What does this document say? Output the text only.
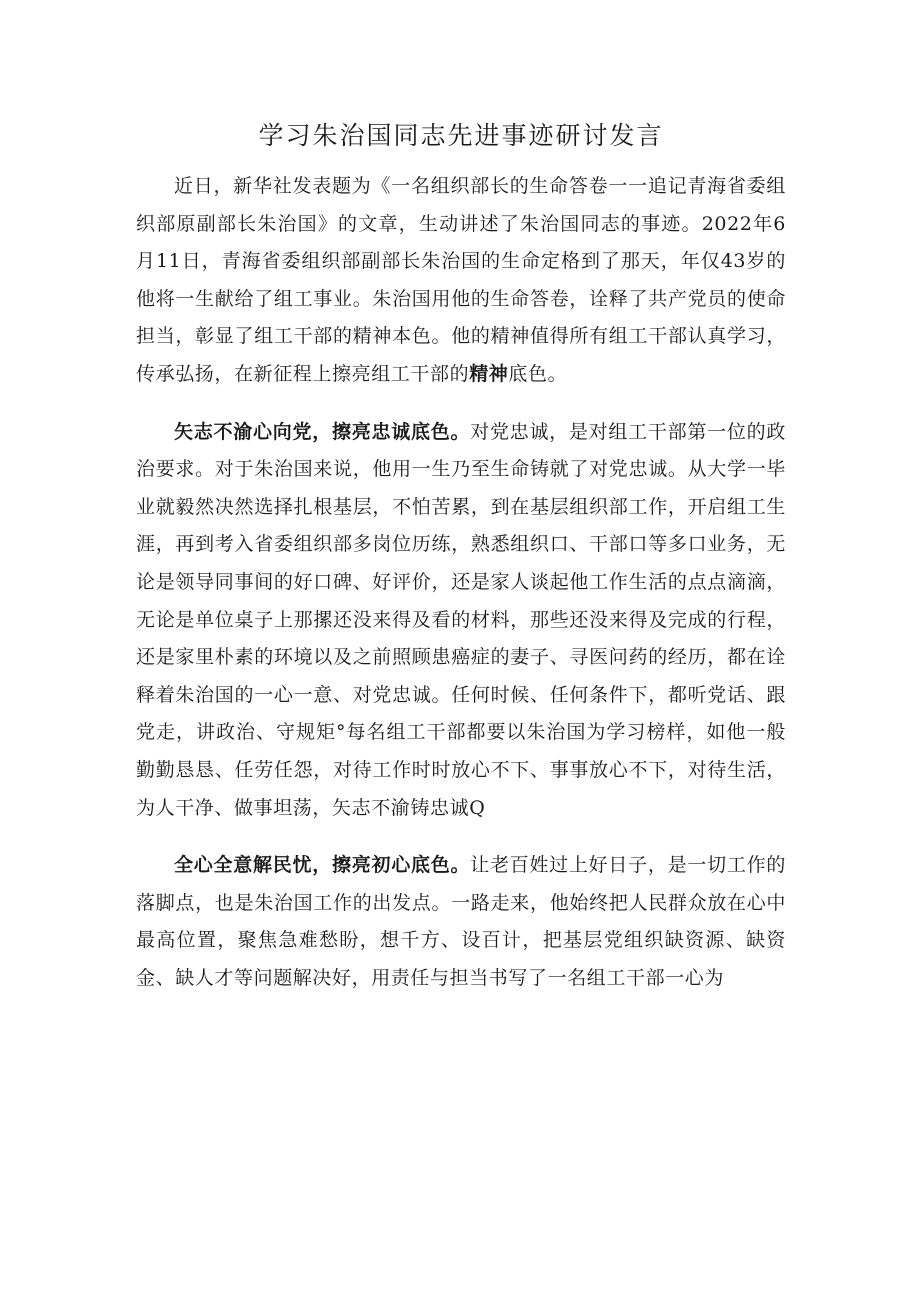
学习朱治国同志先进事迹研讨发言

近日，新华社发表题为《一名组织部长的生命答卷一一追记青海省委组织部原副部长朱治国》的文章，生动讲述了朱治国同志的事迹。2022年6月11日，青海省委组织部副部长朱治国的生命定格到了那天，年仅43岁的他将一生献给了组工事业。朱治国用他的生命答卷，诠释了共产党员的使命担当，彰显了组工干部的精神本色。他的精神值得所有组工干部认真学习，传承弘扬，在新征程上擦亮组工干部的精神底色。

矢志不渝心向党，擦亮忠诚底色。对党忠诚，是对组工干部第一位的政治要求。对于朱治国来说，他用一生乃至生命铸就了对党忠诚。从大学一毕业就毅然决然选择扎根基层，不怕苦累，到在基层组织部工作，开启组工生涯，再到考入省委组织部多岗位历练，熟悉组织口、干部口等多口业务，无论是领导同事间的好口碑、好评价，还是家人谈起他工作生活的点点滴滴，无论是单位桌子上那摞还没来得及看的材料，那些还没来得及完成的行程，还是家里朴素的环境以及之前照顾患癌症的妻子、寻医问药的经历，都在诠释着朱治国的一心一意、对党忠诚。任何时候、任何条件下，都听党话、跟党走，讲政治、守规矩°每名组工干部都要以朱治国为学习榜样，如他一般勤勤恳恳、任劳任怨，对待工作时时放心不下、事事放心不下，对待生活，为人干净、做事坦荡，矢志不渝铸忠诚Q

全心全意解民忧，擦亮初心底色。让老百姓过上好日子，是一切工作的落脚点，也是朱治国工作的出发点。一路走来，他始终把人民群众放在心中最高位置，聚焦急难愁盼，想千方、设百计，把基层党组织缺资源、缺资金、缺人才等问题解决好，用责任与担当书写了一名组工干部一心为
